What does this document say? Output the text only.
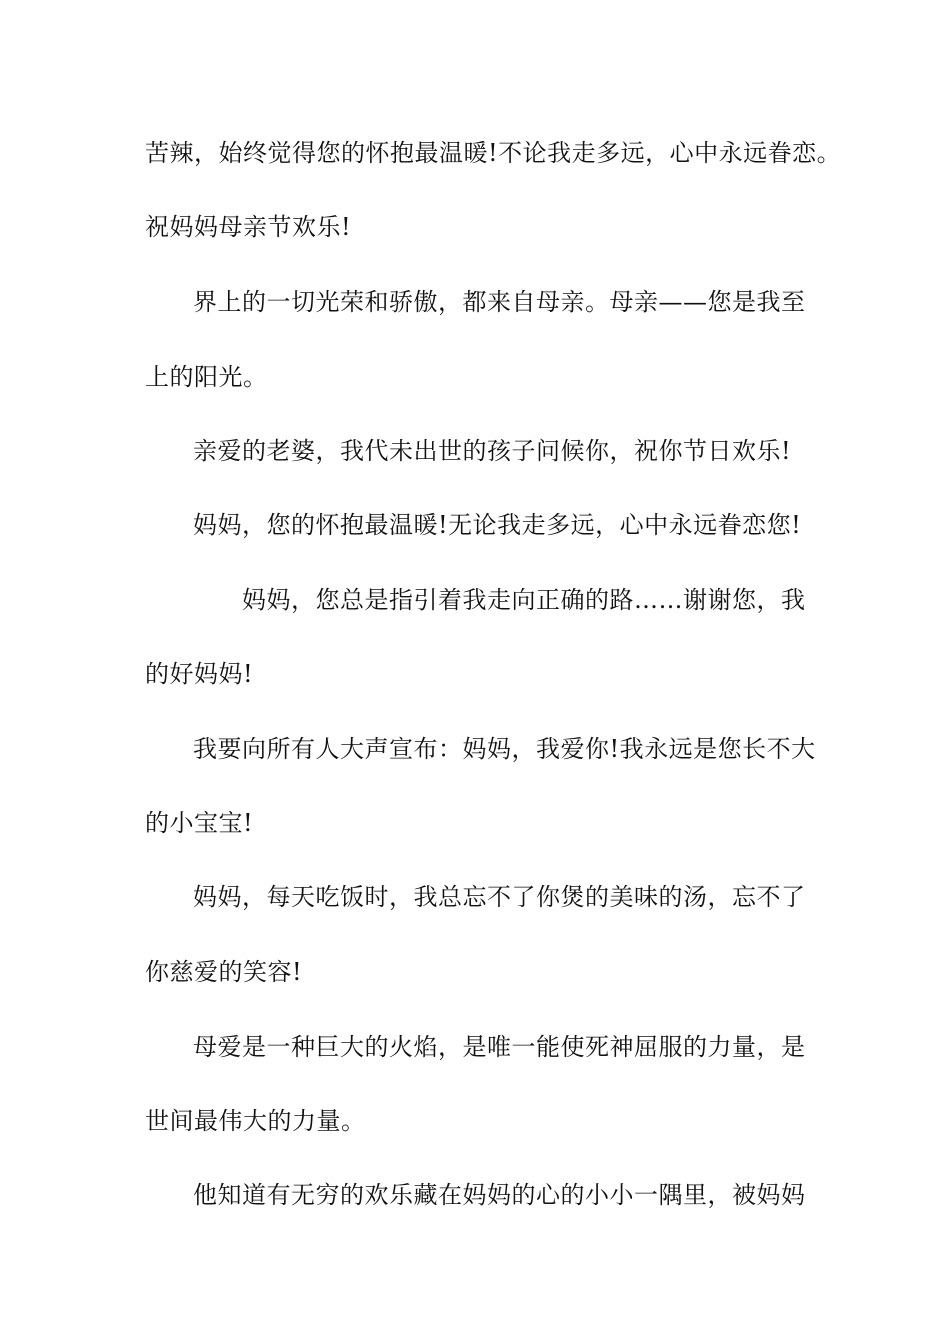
苦辣，始终觉得您的怀抱最温暖!不论我走多远，心中永远眷恋。
祝妈妈母亲节欢乐!
界上的一切光荣和骄傲，都来自母亲。母亲——您是我至
上的阳光。
亲爱的老婆，我代未出世的孩子问候你，祝你节日欢乐!
妈妈，您的怀抱最温暖!无论我走多远，心中永远眷恋您!
妈妈，您总是指引着我走向正确的路……谢谢您，我
的好妈妈!
我要向所有人大声宣布：妈妈，我爱你!我永远是您长不大
的小宝宝!
妈妈，每天吃饭时，我总忘不了你煲的美味的汤，忘不了
你慈爱的笑容!
母爱是一种巨大的火焰，是唯一能使死神屈服的力量，是
世间最伟大的力量。
他知道有无穷的欢乐藏在妈妈的心的小小一隅里，被妈妈
